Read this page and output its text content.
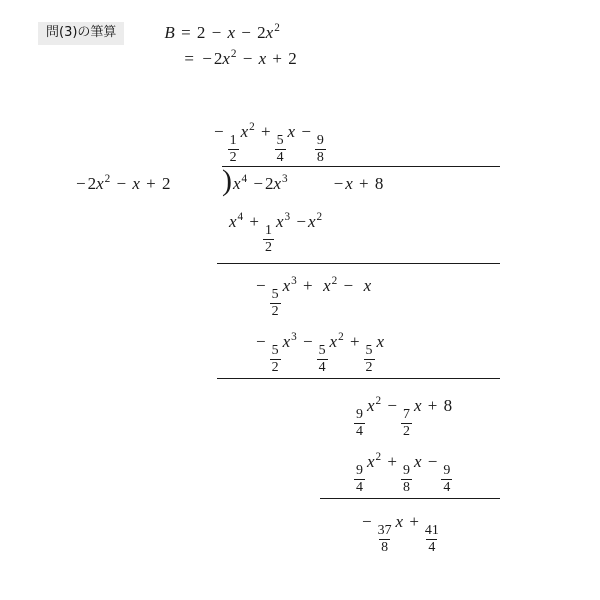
問(3)の筆算	$B = 2 - x - 2x^2$
= − $2x^2 - x + 2$
−
$\frac{1}{2}$
$x^2$ +
$\frac{5}{4}$
x −
$\frac{9}{8}$
− $2x^2 - x + 2$ ) $x^4 - 2x^3$	− x + 8
$x^4$ +
$\frac{1}{2}$
$x^3 - x^2$
−
$\frac{5}{2}$
$x^3 + x^2 - x$
−
$\frac{5}{2}$
$x^3$ −
$\frac{5}{4}$
$x^2$ +
$\frac{5}{2}$
x
$\frac{9}{4}$
$x^2$ −
$\frac{7}{2}$
x + 8
$\frac{9}{4}$
$x^2$ +
$\frac{9}{8}$
x −
$\frac{9}{4}$
−
$\frac{37}{8}$
x +
$\frac{41}{4}$
